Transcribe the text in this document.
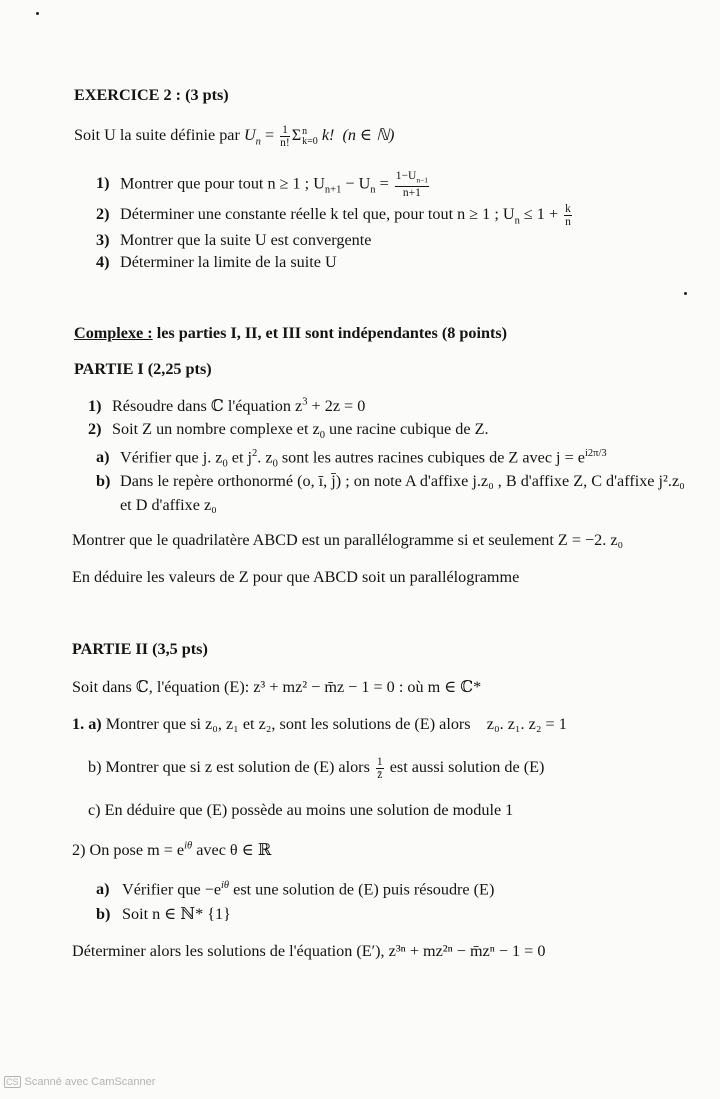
EXERCICE 2 : (3 pts)
Soit U la suite définie par $U_n = \frac{1}{n!}$ Σn
k=0 k! (n ∈ ℕ)
1) Montrer que pour tout n ≥ 1 ; $U_{n+1} - U_n = \frac{1-U_{n-1}}{n+1}$
2) Déterminer une constante réelle k tel que, pour tout n ≥ 1 ; $U_n \le 1 + \frac{k}{n}$
3) Montrer que la suite U est convergente
4) Déterminer la limite de la suite U
Complexe : les parties I, II, et III sont indépendantes (8 points)
PARTIE I (2,25 pts)
1) Résoudre dans ℂ l'équation $z^3 + 2z = 0$
2) Soit Z un nombre complexe et $z_0$ une racine cubique de Z.
a) Vérifier que j. $z_0$ et $j^2$. $z_0$ sont les autres racines cubiques de Z avec $j = e^{i2\pi/3}$
b) Dans le repère orthonormé (o, ī, j̄) ; on note A d'affixe j.z₀ , B d'affixe Z, C d'affixe j².z₀
et D d'affixe z₀
Montrer que le quadrilatère ABCD est un parallélogramme si et seulement Z = −2. z₀
En déduire les valeurs de Z pour que ABCD soit un parallélogramme
PARTIE II (3,5 pts)
Soit dans ℂ, l'équation (E): z³ + mz² − m̄z − 1 = 0 : où m ∈ ℂ*
1. a) Montrer que si z₀, z₁ et z₂, sont les solutions de (E) alors z₀. z₁. z₂ = 1
b) Montrer que si z est solution de (E) alors $\frac{1}{z̄}$ est aussi solution de (E)
c) En déduire que (E) possède au moins une solution de module 1
2) On pose $m = e^{i\theta}$ avec θ ∈ ℝ
a) Vérifier que $-e^{i\theta}$ est une solution de (E) puis résoudre (E)
b) Soit n ∈ ℕ* {1}
Déterminer alors les solutions de l'équation (E′), z³ⁿ + mz²ⁿ − m̄zⁿ − 1 = 0
CS Scanné avec CamScanner
